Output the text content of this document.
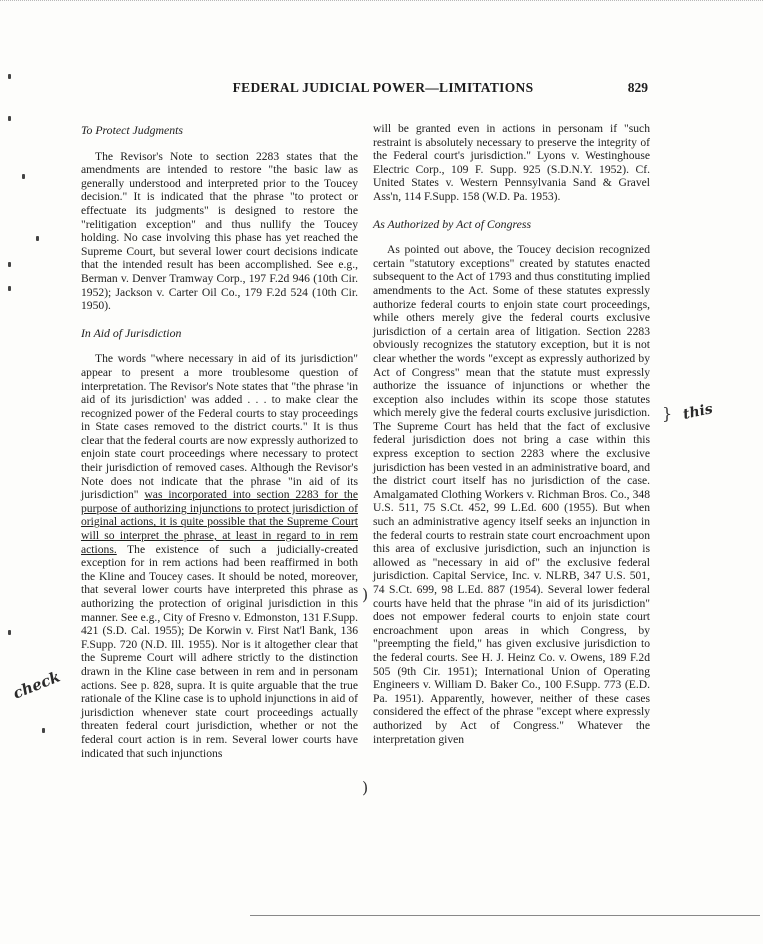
FEDERAL JUDICIAL POWER—LIMITATIONS	829

To Protect Judgments

The Revisor's Note to section 2283 states that the amendments are intended to restore "the basic law as generally understood and interpreted prior to the Toucey decision." It is indicated that the phrase "to protect or effectuate its judgments" is designed to restore the "relitigation exception" and thus nullify the Toucey holding. No case involving this phase has yet reached the Supreme Court, but several lower court decisions indicate that the intended result has been accomplished. See e.g., Berman v. Denver Tramway Corp., 197 F.2d 946 (10th Cir. 1952); Jackson v. Carter Oil Co., 179 F.2d 524 (10th Cir. 1950).

In Aid of Jurisdiction

The words "where necessary in aid of its jurisdiction" appear to present a more troublesome question of interpretation. The Revisor's Note states that "the phrase 'in aid of its jurisdiction' was added . . . to make clear the recognized power of the Federal courts to stay proceedings in State cases removed to the district courts." It is thus clear that the federal courts are now expressly authorized to enjoin state court proceedings where necessary to protect their jurisdiction of removed cases. Although the Revisor's Note does not indicate that the phrase "in aid of its jurisdiction" was incorporated into section 2283 for the purpose of authorizing injunctions to protect jurisdiction of original actions, it is quite possible that the Supreme Court will so interpret the phrase, at least in regard to in rem actions. The existence of such a judicially-created exception for in rem actions had been reaffirmed in both the Kline and Toucey cases. It should be noted, moreover, that several lower courts have interpreted this phrase as authorizing the protection of original jurisdiction in this manner. See e.g., City of Fresno v. Edmonston, 131 F.Supp. 421 (S.D. Cal. 1955); De Korwin v. First Nat'l Bank, 136 F.Supp. 720 (N.D. Ill. 1955). Nor is it altogether clear that the Supreme Court will adhere strictly to the distinction drawn in the Kline case between in rem and in personam actions. See p. 828, supra. It is quite arguable that the true rationale of the Kline case is to uphold injunctions in aid of jurisdiction whenever state court proceedings actually threaten federal court jurisdiction, whether or not the federal court action is in rem. Several lower courts have indicated that such injunctions

will be granted even in actions in personam if "such restraint is absolutely necessary to preserve the integrity of the Federal court's jurisdiction." Lyons v. Westinghouse Electric Corp., 109 F. Supp. 925 (S.D.N.Y. 1952). Cf. United States v. Western Pennsylvania Sand & Gravel Ass'n, 114 F.Supp. 158 (W.D. Pa. 1953).

As Authorized by Act of Congress

As pointed out above, the Toucey decision recognized certain "statutory exceptions" created by statutes enacted subsequent to the Act of 1793 and thus constituting implied amendments to the Act. Some of these statutes expressly authorize federal courts to enjoin state court proceedings, while others merely give the federal courts exclusive jurisdiction of a certain area of litigation. Section 2283 obviously recognizes the statutory exception, but it is not clear whether the words "except as expressly authorized by Act of Congress" mean that the statute must expressly authorize the issuance of injunctions or whether the exception also includes within its scope those statutes which merely give the federal courts exclusive jurisdiction. The Supreme Court has held that the fact of exclusive federal jurisdiction does not bring a case within this express exception to section 2283 where the exclusive jurisdiction has been vested in an administrative board, and the district court itself has no jurisdiction of the case. Amalgamated Clothing Workers v. Richman Bros. Co., 348 U.S. 511, 75 S.Ct. 452, 99 L.Ed. 600 (1955). But when such an administrative agency itself seeks an injunction in the federal courts to restrain state court encroachment upon this area of exclusive jurisdiction, such an injunction is allowed as "necessary in aid of" the exclusive federal jurisdiction. Capital Service, Inc. v. NLRB, 347 U.S. 501, 74 S.Ct. 699, 98 L.Ed. 887 (1954). Several lower federal courts have held that the phrase "in aid of its jurisdiction" does not empower federal courts to enjoin state court encroachment upon areas in which Congress, by "preempting the field," has given exclusive jurisdiction to the federal courts. See H. J. Heinz Co. v. Owens, 189 F.2d 505 (9th Cir. 1951); International Union of Operating Engineers v. William D. Baker Co., 100 F.Supp. 773 (E.D. Pa. 1951). Apparently, however, neither of these cases considered the effect of the phrase "except where expressly authorized by Act of Congress." Whatever the interpretation given

this
check
}
)
)
